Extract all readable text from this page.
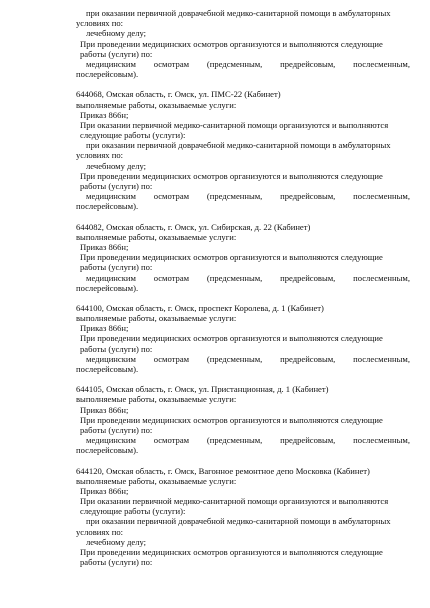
при оказании первичной доврачебной медико-санитарной помощи в амбулаторных
условиях по:
лечебному делу;
При проведении медицинских осмотров организуются и выполняются следующие
работы (услуги) по:
медицинским осмотрам (предсменным, предрейсовым, послесменным,
послерейсовым).
644068, Омская область, г. Омск, ул. ПМС-22 (Кабинет)
выполняемые работы, оказываемые услуги:
Приказ 866н;
При оказании первичной медико-санитарной помощи организуются и выполняются
следующие работы (услуги):
при оказании первичной доврачебной медико-санитарной помощи в амбулаторных
условиях по:
лечебному делу;
При проведении медицинских осмотров организуются и выполняются следующие
работы (услуги) по:
медицинским осмотрам (предсменным, предрейсовым, послесменным,
послерейсовым).
644082, Омская область, г. Омск, ул. Сибирская, д. 22 (Кабинет)
выполняемые работы, оказываемые услуги:
Приказ 866н;
При проведении медицинских осмотров организуются и выполняются следующие
работы (услуги) по:
медицинским осмотрам (предсменным, предрейсовым, послесменным,
послерейсовым).
644100, Омская область, г. Омск, проспект Королева, д. 1 (Кабинет)
выполняемые работы, оказываемые услуги:
Приказ 866н;
При проведении медицинских осмотров организуются и выполняются следующие
работы (услуги) по:
медицинским осмотрам (предсменным, предрейсовым, послесменным,
послерейсовым).
644105, Омская область, г. Омск, ул. Пристанционная, д. 1 (Кабинет)
выполняемые работы, оказываемые услуги:
Приказ 866н;
При проведении медицинских осмотров организуются и выполняются следующие
работы (услуги) по:
медицинским осмотрам (предсменным, предрейсовым, послесменным,
послерейсовым).
644120, Омская область, г. Омск, Вагонное ремонтное депо Московка (Кабинет)
выполняемые работы, оказываемые услуги:
Приказ 866н;
При оказании первичной медико-санитарной помощи организуются и выполняются
следующие работы (услуги):
при оказании первичной доврачебной медико-санитарной помощи в амбулаторных
условиях по:
лечебному делу;
При проведении медицинских осмотров организуются и выполняются следующие
работы (услуги) по:
